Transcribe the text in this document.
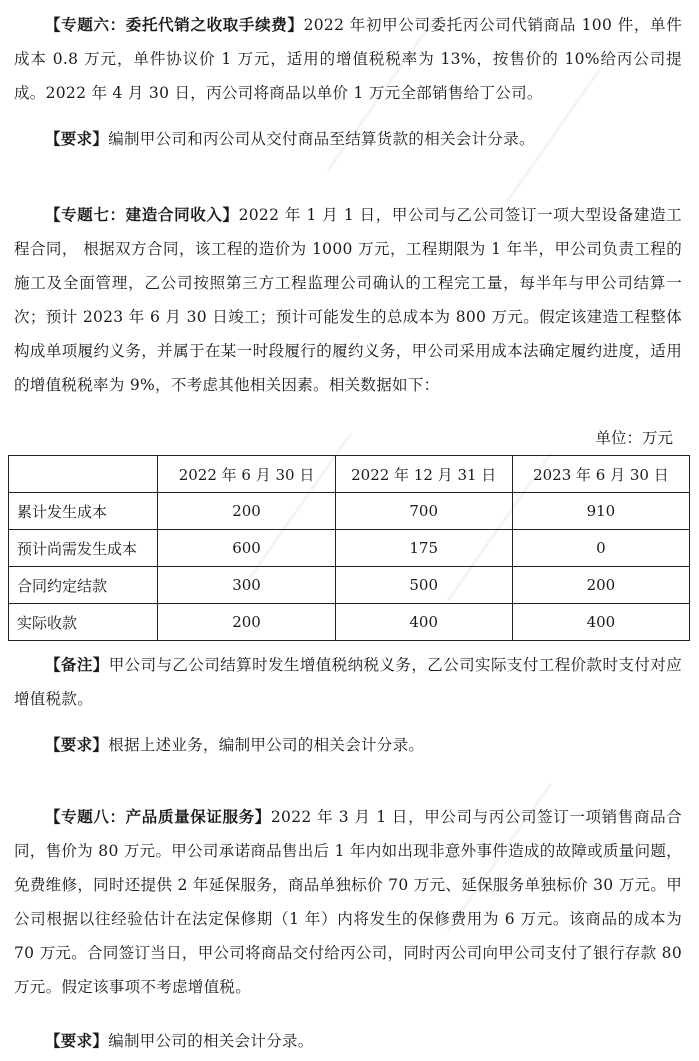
【专题六：委托代销之收取手续费】2022 年初甲公司委托丙公司代销商品 100 件，单件成本 0.8 万元，单件协议价 1 万元，适用的增值税税率为 13%，按售价的 10%给丙公司提成。2022 年 4 月 30 日，丙公司将商品以单价 1 万元全部销售给丁公司。

【要求】编制甲公司和丙公司从交付商品至结算货款的相关会计分录。

【专题七：建造合同收入】2022 年 1 月 1 日，甲公司与乙公司签订一项大型设备建造工程合同， 根据双方合同，该工程的造价为 1000 万元，工程期限为 1 年半，甲公司负责工程的施工及全面管理，乙公司按照第三方工程监理公司确认的工程完工量，每半年与甲公司结算一次；预计 2023 年 6 月 30 日竣工；预计可能发生的总成本为 800 万元。假定该建造工程整体构成单项履约义务，并属于在某一时段履行的履约义务，甲公司采用成本法确定履约进度，适用的增值税税率为 9%，不考虑其他相关因素。相关数据如下：

单位：万元
	2022 年 6 月 30 日	2022 年 12 月 31 日	2023 年 6 月 30 日
累计发生成本	200	700	910
预计尚需发生成本	600	175	0
合同约定结款	300	500	200
实际收款	200	400	400

【备注】甲公司与乙公司结算时发生增值税纳税义务，乙公司实际支付工程价款时支付对应增值税款。

【要求】根据上述业务，编制甲公司的相关会计分录。

【专题八：产品质量保证服务】2022 年 3 月 1 日，甲公司与丙公司签订一项销售商品合同，售价为 80 万元。甲公司承诺商品售出后 1 年内如出现非意外事件造成的故障或质量问题，免费维修，同时还提供 2 年延保服务，商品单独标价 70 万元、延保服务单独标价 30 万元。甲公司根据以往经验估计在法定保修期（1 年）内将发生的保修费用为 6 万元。该商品的成本为 70 万元。合同签订当日，甲公司将商品交付给丙公司，同时丙公司向甲公司支付了银行存款 80 万元。假定该事项不考虑增值税。

【要求】编制甲公司的相关会计分录。
